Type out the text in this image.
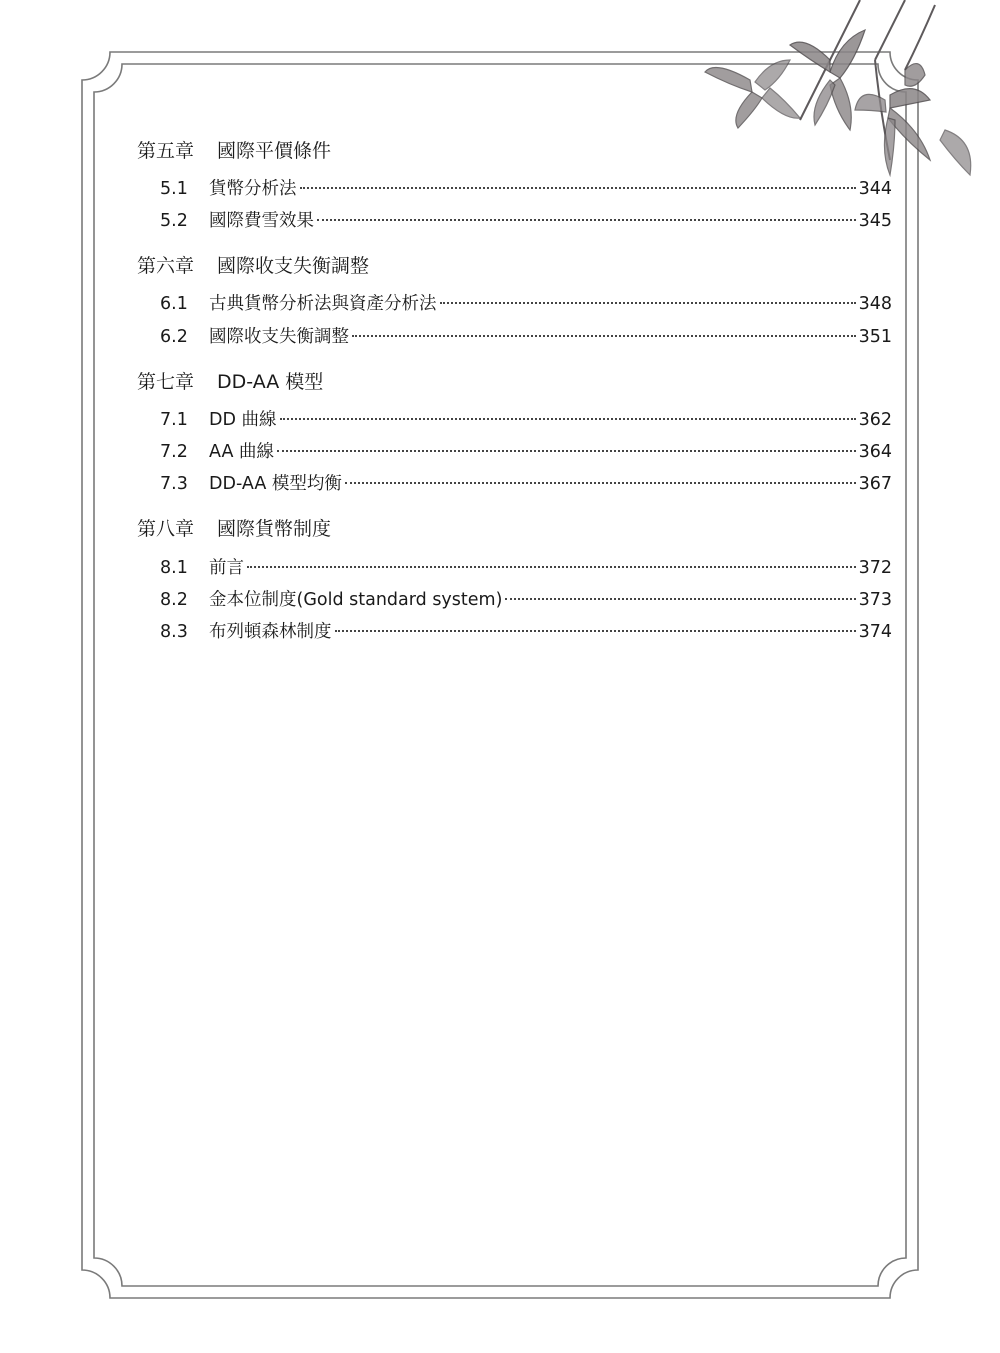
第五章	國際平價條件
5.1	貨幣分析法	344
5.2	國際費雪效果	345
第六章	國際收支失衡調整
6.1	古典貨幣分析法與資產分析法	348
6.2	國際收支失衡調整	351
第七章	DD-AA 模型
7.1	DD 曲線	362
7.2	AA 曲線	364
7.3	DD-AA 模型均衡	367
第八章	國際貨幣制度
8.1	前言	372
8.2	金本位制度(Gold standard system)	373
8.3	布列頓森林制度	374
